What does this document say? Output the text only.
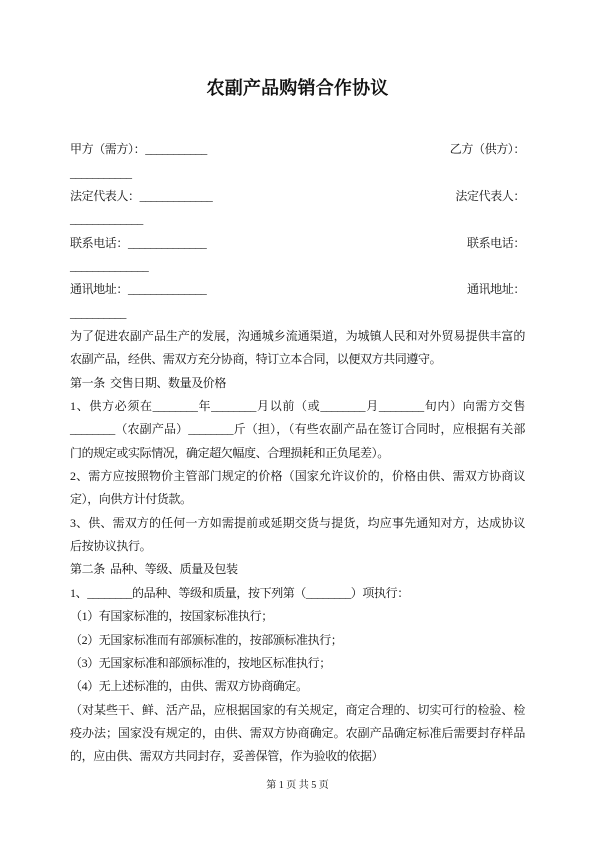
农副产品购销合作协议
甲方（需方）：___________	乙方（供方）：
___________
法定代表人：_____________	法定代表人：
_____________
联系电话：______________	联系电话：
______________
通讯地址：______________	通讯地址：
__________
为了促进农副产品生产的发展，沟通城乡流通渠道，为城镇人民和对外贸易提供丰富的
农副产品，经供、需双方充分协商，特订立本合同，以便双方共同遵守。
第一条  交售日期、数量及价格
1、供方必须在________年________月以前（或________月________旬内）向需方交售
________（农副产品）________斤（担），（有些农副产品在签订合同时，应根据有关部
门的规定或实际情况，确定超欠幅度、合理损耗和正负尾差）。
2、需方应按照物价主管部门规定的价格（国家允许议价的，价格由供、需双方协商议
定），向供方计付货款。
3、供、需双方的任何一方如需提前或延期交货与提货，均应事先通知对方，达成协议
后按协议执行。
第二条  品种、等级、质量及包装
1、________的品种、等级和质量，按下列第（________）项执行：
（1）有国家标准的，按国家标准执行；
（2）无国家标准而有部颁标准的，按部颁标准执行；
（3）无国家标准和部颁标准的，按地区标准执行；
（4）无上述标准的，由供、需双方协商确定。
（对某些干、鲜、活产品，应根据国家的有关规定，商定合理的、切实可行的检验、检
疫办法；国家没有规定的，由供、需双方协商确定。农副产品确定标准后需要封存样品
的，应由供、需双方共同封存，妥善保管，作为验收的依据）
第 1 页 共 5 页
